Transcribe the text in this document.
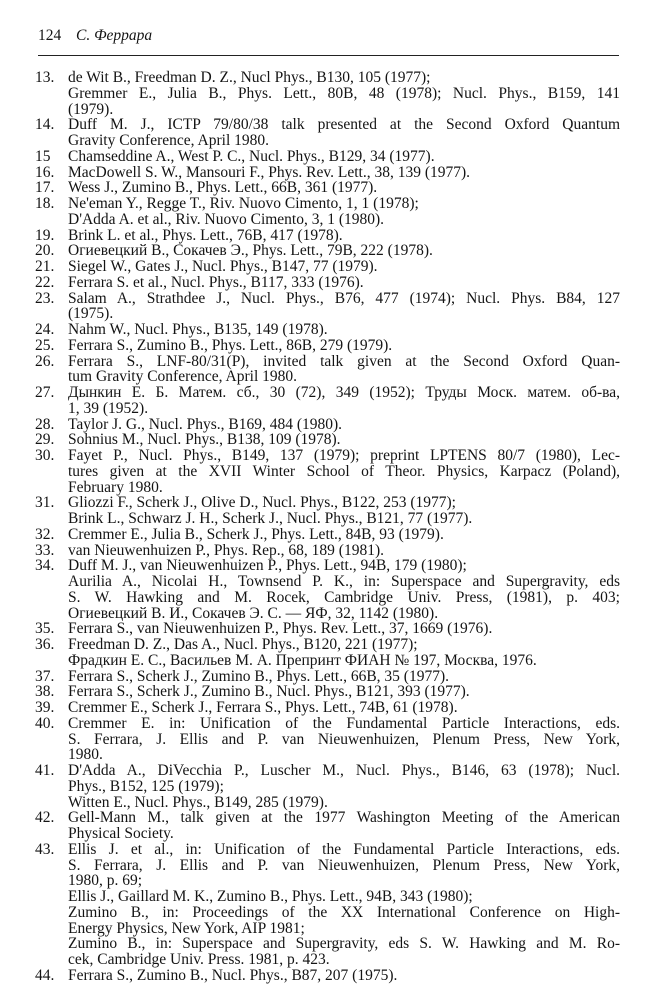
124 С. Феррара
13. de Wit B., Freedman D. Z., Nucl Phys., B130, 105 (1977);
Gremmer E., Julia B., Phys. Lett., 80B, 48 (1978); Nucl. Phys., B159, 141
(1979).
14. Duff M. J., ICTP 79/80/38 talk presented at the Second Oxford Quantum
Gravity Conference, April 1980.
15	Chamseddine A., West P. C., Nucl. Phys., B129, 34 (1977).
16. MacDowell S. W., Mansouri F., Phys. Rev. Lett., 38, 139 (1977).
17. Wess J., Zumino B., Phys. Lett., 66B, 361 (1977).
18. Ne'eman Y., Regge T., Riv. Nuovo Cimento, 1, 1 (1978);
D'Adda A. et al., Riv. Nuovo Cimento, 3, 1 (1980).
19. Brink L. et al., Phys. Lett., 76B, 417 (1978).
20. Огиевецкий В., Сокачев Э., Phys. Lett., 79B, 222 (1978).
21. Siegel W., Gates J., Nucl. Phys., B147, 77 (1979).
22. Ferrara S. et al., Nucl. Phys., B117, 333 (1976).
23. Salam A., Strathdee J., Nucl. Phys., B76, 477 (1974); Nucl. Phys. B84, 127
(1975).
24. Nahm W., Nucl. Phys., B135, 149 (1978).
25. Ferrara S., Zumino B., Phys. Lett., 86B, 279 (1979).
26. Ferrara S., LNF-80/31(P), invited talk given at the Second Oxford Quan-
tum Gravity Conference, April 1980.
27. Дынкин Е. Б. Матем. сб., 30 (72), 349 (1952); Труды Моск. матем. об-ва,
1, 39 (1952).
28. Taylor J. G., Nucl. Phys., B169, 484 (1980).
29. Sohnius M., Nucl. Phys., B138, 109 (1978).
30. Fayet P., Nucl. Phys., B149, 137 (1979); preprint LPTENS 80/7 (1980), Lec-
tures given at the XVII Winter School of Theor. Physics, Karpacz (Poland),
February 1980.
31. Gliozzi F., Scherk J., Olive D., Nucl. Phys., B122, 253 (1977);
Brink L., Schwarz J. H., Scherk J., Nucl. Phys., B121, 77 (1977).
32. Cremmer E., Julia B., Scherk J., Phys. Lett., 84B, 93 (1979).
33. van Nieuwenhuizen P., Phys. Rep., 68, 189 (1981).
34. Duff M. J., van Nieuwenhuizen P., Phys. Lett., 94B, 179 (1980);
Aurilia A., Nicolai H., Townsend P. K., in: Superspace and Supergravity, eds
S. W. Hawking and M. Rocek, Cambridge Univ. Press, (1981), p. 403;
Огиевецкий В. И., Сокачев Э. С. — ЯФ, 32, 1142 (1980).
35. Ferrara S., van Nieuwenhuizen P., Phys. Rev. Lett., 37, 1669 (1976).
36. Freedman D. Z., Das A., Nucl. Phys., B120, 221 (1977);
Фрадкин Е. С., Васильев М. А. Препринт ФИАН № 197, Москва, 1976.
37. Ferrara S., Scherk J., Zumino B., Phys. Lett., 66B, 35 (1977).
38. Ferrara S., Scherk J., Zumino B., Nucl. Phys., B121, 393 (1977).
39. Cremmer E., Scherk J., Ferrara S., Phys. Lett., 74B, 61 (1978).
40. Cremmer E. in: Unification of the Fundamental Particle Interactions, eds.
S. Ferrara, J. Ellis and P. van Nieuwenhuizen, Plenum Press, New York,
1980.
41. D'Adda A., DiVecchia P., Luscher M., Nucl. Phys., B146, 63 (1978); Nucl.
Phys., B152, 125 (1979);
Witten E., Nucl. Phys., B149, 285 (1979).
42. Gell-Mann M., talk given at the 1977 Washington Meeting of the American
Physical Society.
43. Ellis J. et al., in: Unification of the Fundamental Particle Interactions, eds.
S. Ferrara, J. Ellis and P. van Nieuwenhuizen, Plenum Press, New York,
1980, p. 69;
Ellis J., Gaillard M. K., Zumino B., Phys. Lett., 94B, 343 (1980);
Zumino B., in: Proceedings of the XX International Conference on High-
Energy Physics, New York, AIP 1981;
Zumino B., in: Superspace and Supergravity, eds S. W. Hawking and M. Ro-
cek, Cambridge Univ. Press. 1981, p. 423.
44. Ferrara S., Zumino B., Nucl. Phys., B87, 207 (1975).
